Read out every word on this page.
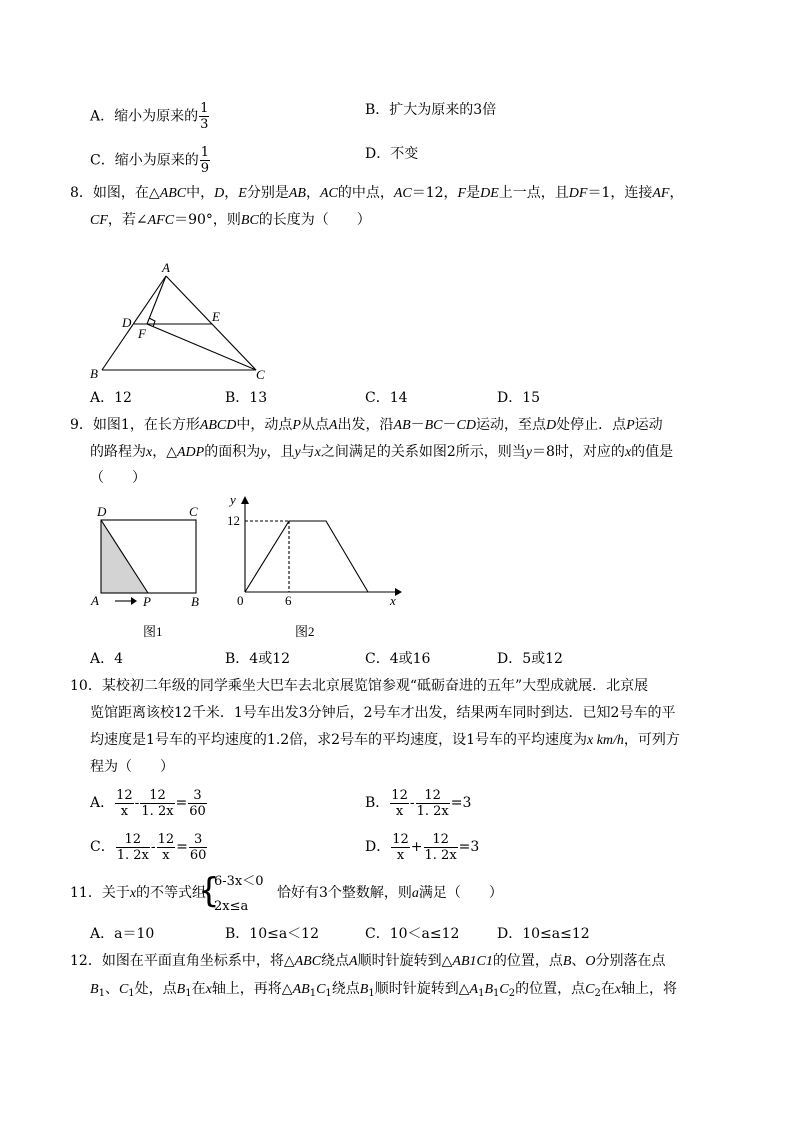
A．缩小为原来的 $\frac{1}{3}$	B．扩大为原来的3倍
C．缩小为原来的 $\frac{1}{9}$	D．不变
8．如图，在△ABC中，D，E分别是AB，AC的中点，AC＝12，F是DE上一点，且DF＝1，连接AF，
CF，若∠AFC＝90°，则BC的长度为（　　）
A
D	E
F
B	C
A．12	B．13	C．14	D．15
9．如图1，在长方形ABCD中，动点P从点A出发，沿AB－BC－CD运动，至点D处停止．点P运动
的路程为x，△ADP的面积为y，且y与x之间满足的关系如图2所示，则当y＝8时，对应的x的值是
（　　）
D	C
A	P	B
图1
y
12
0	6	x
图2
A．4	B．4或12	C．4或16	D．5或12
10．某校初二年级的同学乘坐大巴车去北京展览馆参观“砥砺奋进的五年”大型成就展．北京展
览馆距离该校12千米．1号车出发3分钟后，2号车才出发，结果两车同时到达．已知2号车的平
均速度是1号车的平均速度的1.2倍，求2号车的平均速度，设1号车的平均速度为x km/h，可列方
程为（　　）
A． $\frac{12}{x} - \frac{12}{1. 2x} = \frac{3}{60}$	B． $\frac{12}{x} - \frac{12}{1. 2x} =3$
C． $\frac{12}{1. 2x} - \frac{12}{x} = \frac{3}{60}$	D． $\frac{12}{x} + \frac{12}{1. 2x} =3$
11．关于x的不等式组
{
6-3x＜0
2x≤a
恰好有3个整数解，则a满足（　　）
A．a＝10	B．10≤a＜12	C．10＜a≤12	D．10≤a≤12
12．如图在平面直角坐标系中，将△ABC绕点A顺时针旋转到△AB1C1的位置，点B、O分别落在点
$B_1$、$C_1$处，点$B_1$在x轴上，再将$\triangle AB_1C_1$绕点$B_1$顺时针旋转到$\triangle A_1B_1C_2$的位置，点$C_2$在x轴上，将
